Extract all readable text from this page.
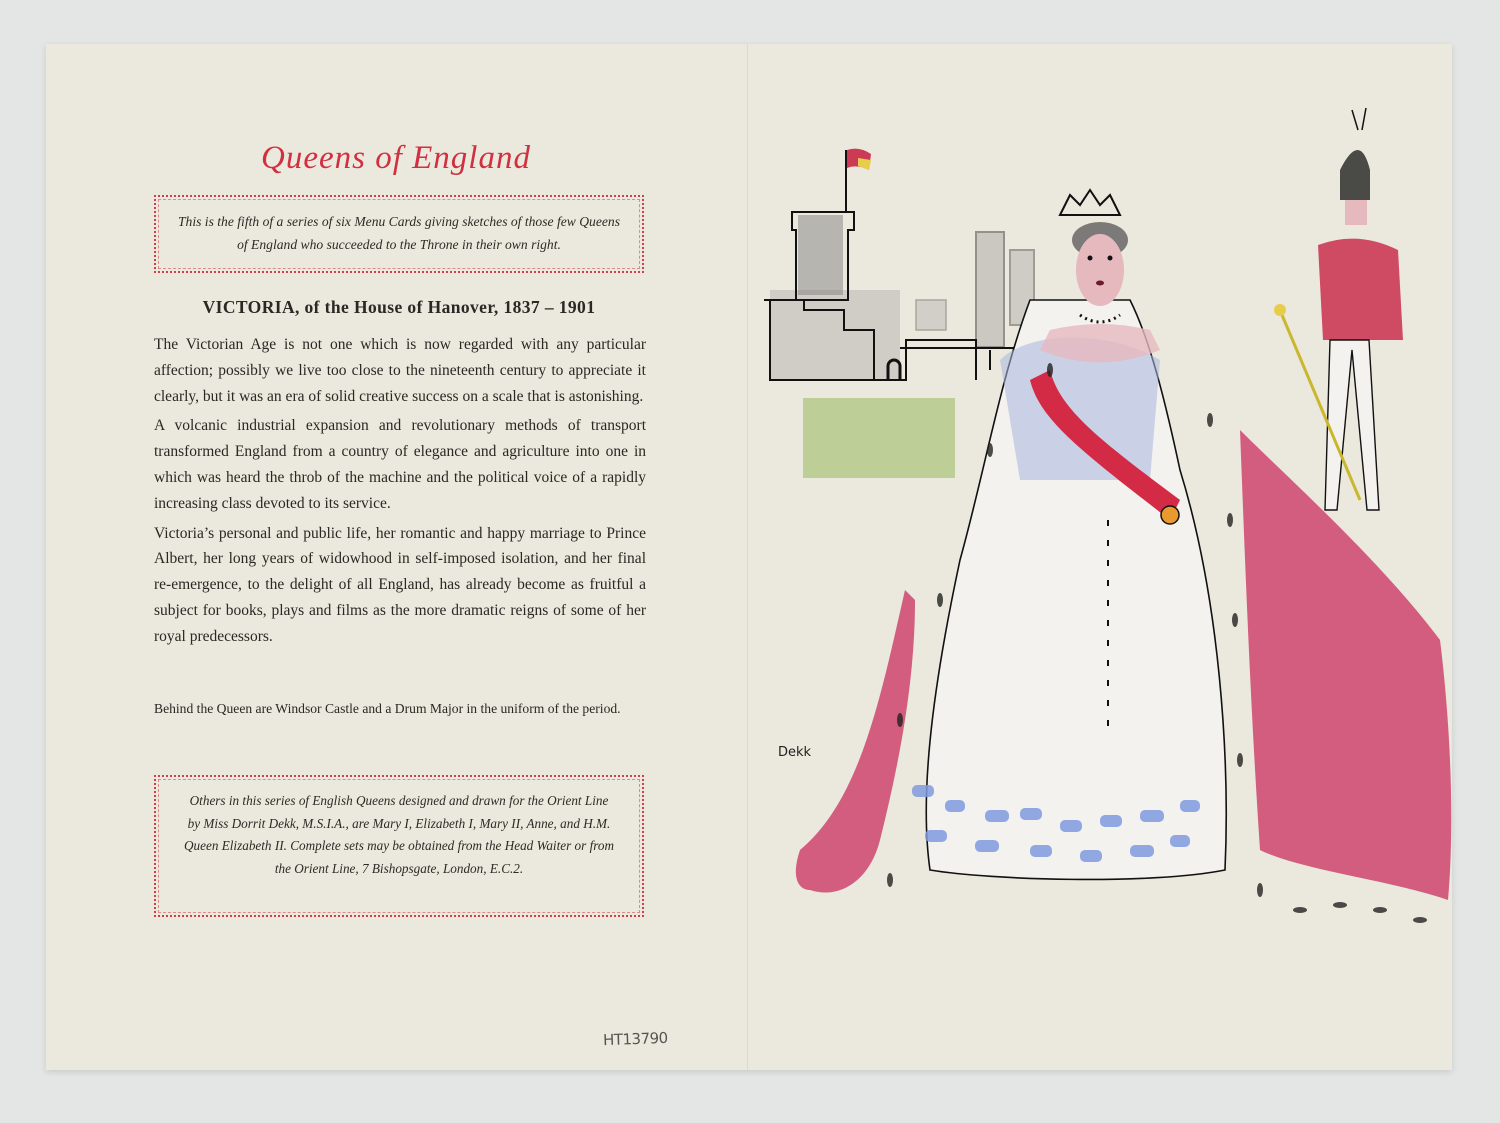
Queens of England
This is the fifth of a series of six Menu Cards giving sketches of those few Queens of England who succeeded to the Throne in their own right.
VICTORIA, of the House of Hanover, 1837 – 1901

The Victorian Age is not one which is now regarded with any particular affection; possibly we live too close to the nineteenth century to appreciate it clearly, but it was an era of solid creative success on a scale that is astonishing.

A volcanic industrial expansion and revolutionary methods of transport transformed England from a country of elegance and agriculture into one in which was heard the throb of the machine and the political voice of a rapidly increasing class devoted to its service.

Victoria’s personal and public life, her romantic and happy marriage to Prince Albert, her long years of widowhood in self-imposed isolation, and her final re-emergence, to the delight of all England, has already become as fruitful a subject for books, plays and films as the more dramatic reigns of some of her royal predecessors.

Behind the Queen are Windsor Castle and a Drum Major in the uniform of the period.
Others in this series of English Queens designed and drawn for the Orient Line by Miss Dorrit Dekk, M.S.I.A., are Mary I, Elizabeth I, Mary II, Anne, and H.M. Queen Elizabeth II. Complete sets may be obtained from the Head Waiter or from the Orient Line, 7 Bishopsgate, London, E.C.2.
HT13790
Dekk
